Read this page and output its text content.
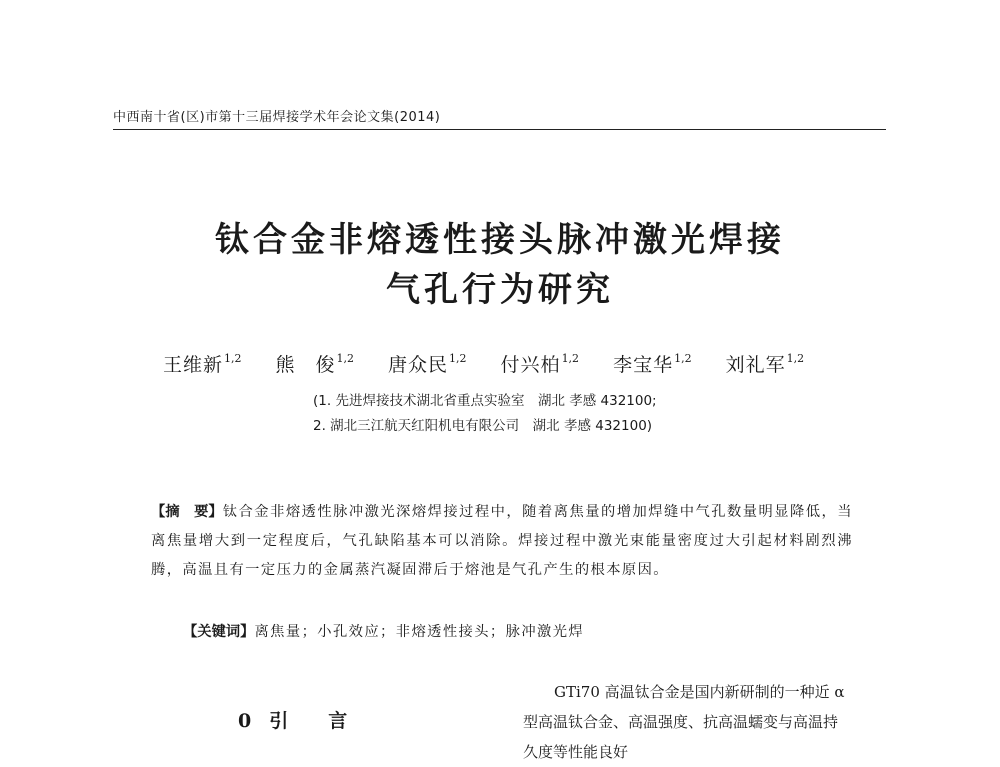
中西南十省(区)市第十三届焊接学术年会论文集(2014)
钛合金非熔透性接头脉冲激光焊接
气孔行为研究
王维新$^{1,2}$ 熊　俊$^{1,2}$ 唐众民$^{1,2}$ 付兴柏$^{1,2}$ 李宝华$^{1,2}$ 刘礼军$^{1,2}$
(1. 先进焊接技术湖北省重点实验室　湖北 孝感 432100;
2. 湖北三江航天红阳机电有限公司　湖北 孝感 432100)

【摘　要】钛合金非熔透性脉冲激光深熔焊接过程中，随着离焦量的增加焊缝中气孔数量明显降低，当离焦量增大到一定程度后，气孔缺陷基本可以消除。焊接过程中激光束能量密度过大引起材料剧烈沸腾，高温且有一定压力的金属蒸汽凝固滞后于熔池是气孔产生的根本原因。

【关键词】离焦量；小孔效应；非熔透性接头；脉冲激光焊
0 引言
GTi70 高温钛合金是国内新研制的一种近 α
型高温钛合金、高温强度、抗高温蠕变与高温持
久度等性能良好
